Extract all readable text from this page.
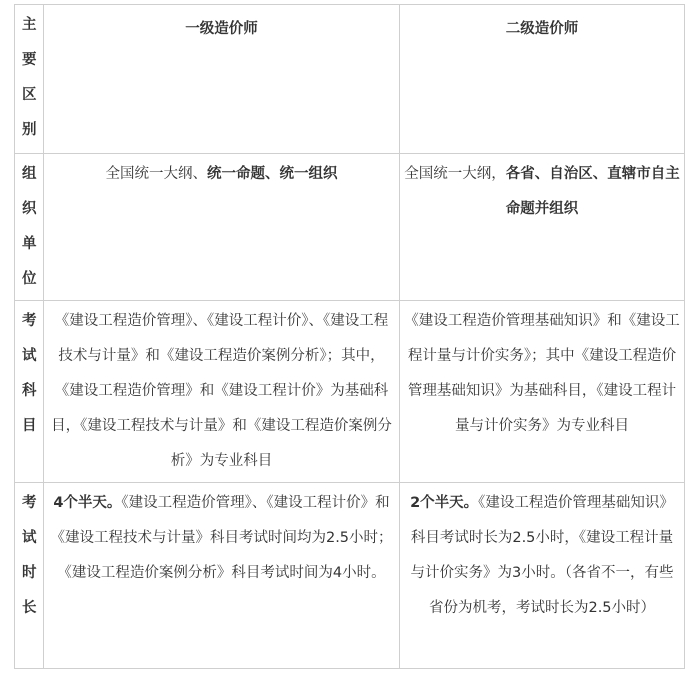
主要区别	一级造价师	二级造价师

组织单位	全国统一大纲、统一命题、统一组织	全国统一大纲，各省、自治区、直辖市自主命题并组织

考试科目	《建设工程造价管理》、《建设工程计价》、《建设工程技术与计量》和《建设工程造价案例分析》；其中，《建设工程造价管理》和《建设工程计价》为基础科目，《建设工程技术与计量》和《建设工程造价案例分析》为专业科目	《建设工程造价管理基础知识》和《建设工程计量与计价实务》；其中《建设工程造价管理基础知识》为基础科目，《建设工程计量与计价实务》为专业科目

考试时长	4个半天。《建设工程造价管理》、《建设工程计价》和《建设工程技术与计量》科目考试时间均为2.5小时；《建设工程造价案例分析》科目考试时间为4小时。	2个半天。《建设工程造价管理基础知识》科目考试时长为2.5小时，《建设工程计量与计价实务》为3小时。（各省不一，有些省份为机考，考试时长为2.5小时）
